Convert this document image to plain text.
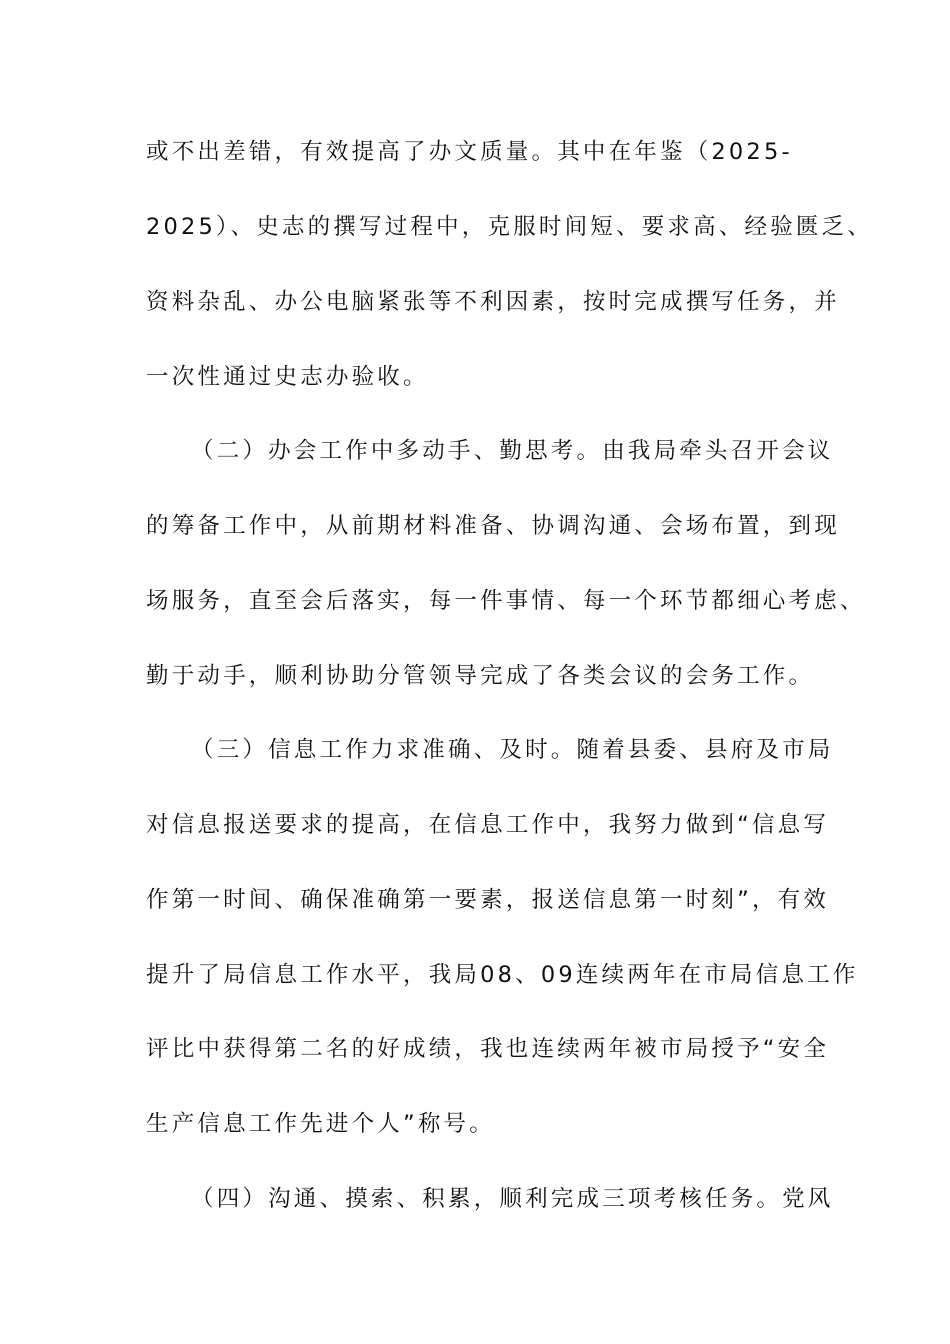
或不出差错，有效提高了办文质量。其中在年鉴（2025-
2025）、史志的撰写过程中，克服时间短、要求高、经验匮乏、
资料杂乱、办公电脑紧张等不利因素，按时完成撰写任务，并
一次性通过史志办验收。
（二）办会工作中多动手、勤思考。由我局牵头召开会议
的筹备工作中，从前期材料准备、协调沟通、会场布置，到现
场服务，直至会后落实，每一件事情、每一个环节都细心考虑、
勤于动手，顺利协助分管领导完成了各类会议的会务工作。
（三）信息工作力求准确、及时。随着县委、县府及市局
对信息报送要求的提高，在信息工作中，我努力做到“信息写
作第一时间、确保准确第一要素，报送信息第一时刻”，有效
提升了局信息工作水平，我局08、09连续两年在市局信息工作
评比中获得第二名的好成绩，我也连续两年被市局授予“安全
生产信息工作先进个人”称号。
（四）沟通、摸索、积累，顺利完成三项考核任务。党风
